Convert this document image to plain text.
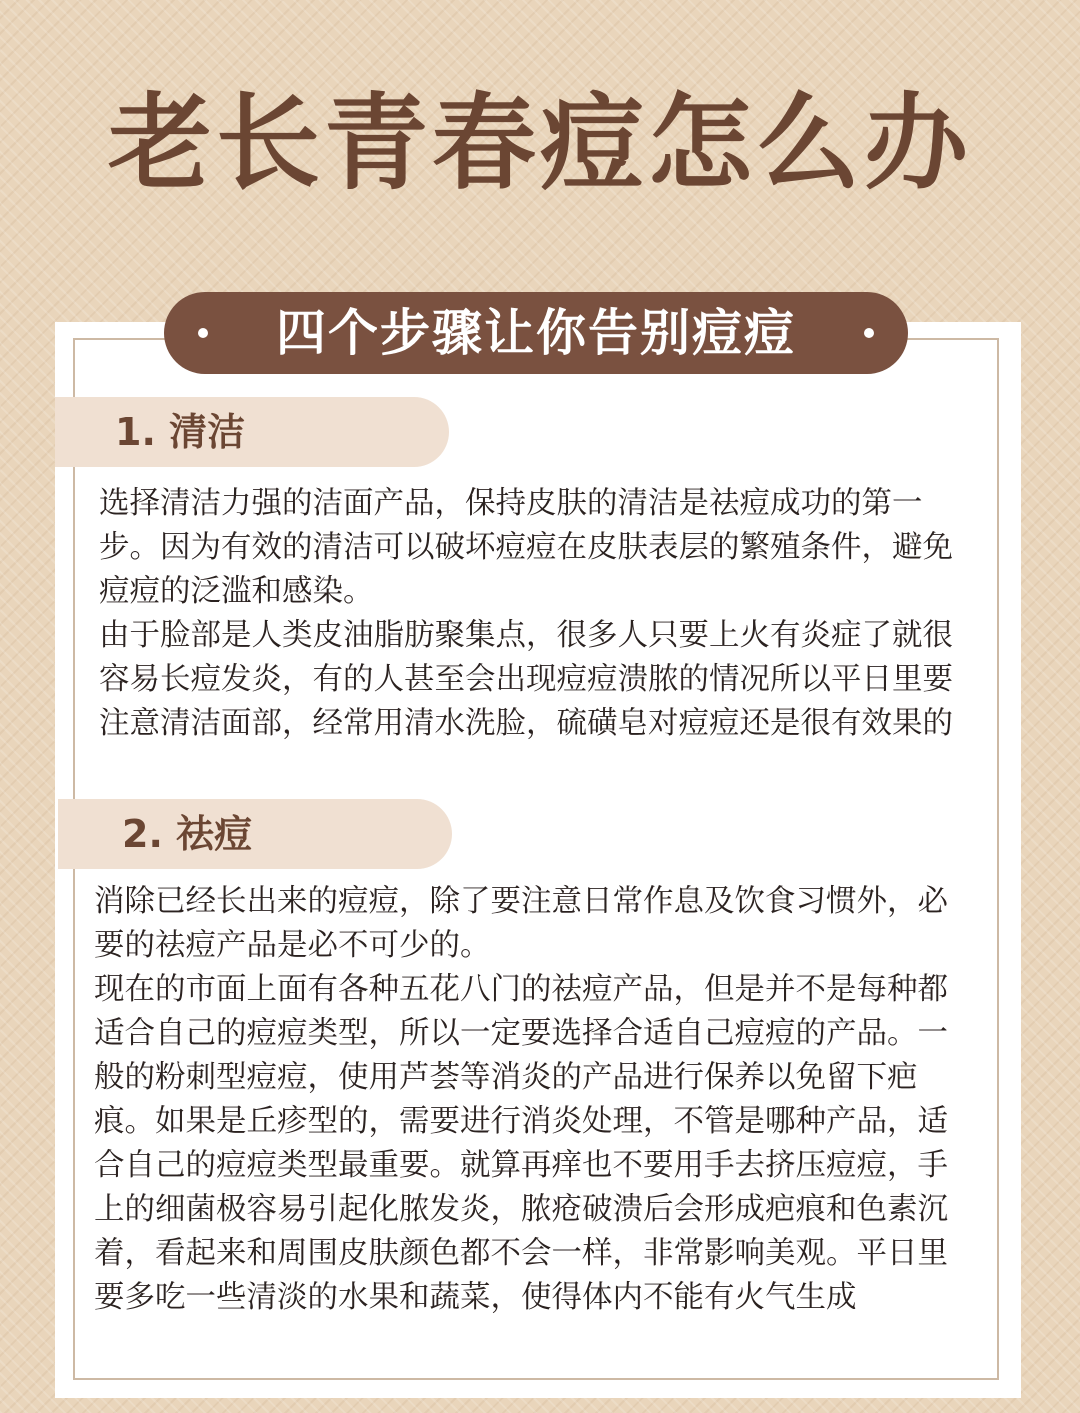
老长青春痘怎么办
四个步骤让你告别痘痘
1. 清洁
选择清洁力强的洁面产品，保持皮肤的清洁是祛痘成功的第一步。因为有效的清洁可以破坏痘痘在皮肤表层的繁殖条件，避免痘痘的泛滥和感染。
由于脸部是人类皮油脂肪聚集点，很多人只要上火有炎症了就很容易长痘发炎，有的人甚至会出现痘痘溃脓的情况所以平日里要注意清洁面部，经常用清水洗脸，硫磺皂对痘痘还是很有效果的
2. 祛痘
消除已经长出来的痘痘，除了要注意日常作息及饮食习惯外，必要的祛痘产品是必不可少的。
现在的市面上面有各种五花八门的祛痘产品，但是并不是每种都适合自己的痘痘类型，所以一定要选择合适自己痘痘的产品。一般的粉刺型痘痘，使用芦荟等消炎的产品进行保养以免留下疤痕。如果是丘疹型的，需要进行消炎处理，不管是哪种产品，适合自己的痘痘类型最重要。就算再痒也不要用手去挤压痘痘，手上的细菌极容易引起化脓发炎，脓疮破溃后会形成疤痕和色素沉着，看起来和周围皮肤颜色都不会一样，非常影响美观。平日里要多吃一些清淡的水果和蔬菜，使得体内不能有火气生成
